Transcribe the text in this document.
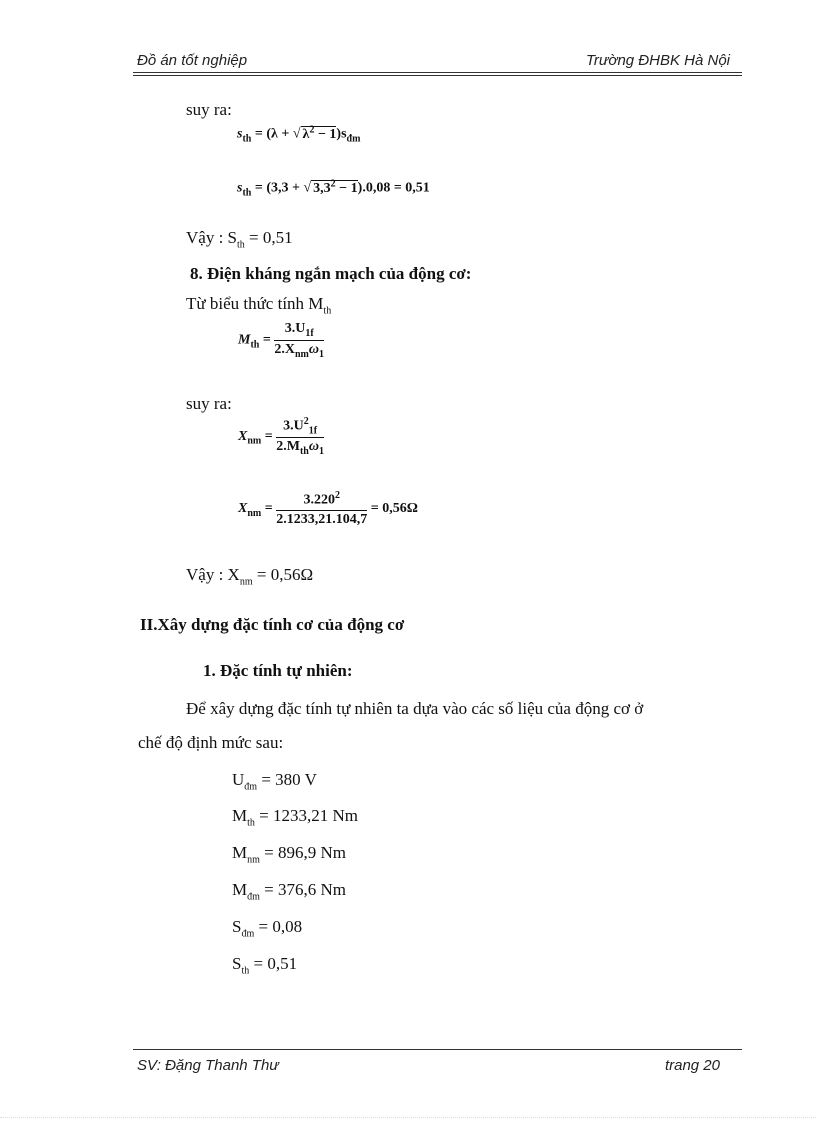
Đồ án tốt nghiệp	Trường ĐHBK Hà Nội
suy ra:
$s_{th} = (\lambda$ + √ $\lambda^2 - 1)s_{đm}$
$s_{th} = (3,3$ + √ $3,3^2 - 1).0,08 = 0,51$
Vậy : $S_{th} = 0,51$
8. Điện kháng ngắn mạch của động cơ:
Từ biểu thức tính $M_{th}$
$M_{th} = \frac{3.U_{1f}}{2.X_{nm}\omega_1}$
suy ra:
$X_{nm} = \frac{3.U^2_{1f}}{2.M_{th}\omega_1}$
$X_{nm} = \frac{3.220^2}{2.1233,21.104,7} = 0,56\Omega$
Vậy : $X_{nm} = 0,56\Omega$
II.Xây dựng đặc tính cơ của động cơ
1. Đặc tính tự nhiên:
Để xây dựng đặc tính tự nhiên ta dựa vào các số liệu của động cơ ở
chế độ định mức sau:
$U_{đm} = 380$ V
$M_{th} = 1233,21$ Nm
$M_{nm} = 896,9$ Nm
$M_{đm} = 376,6$ Nm
$S_{đm} = 0,08$
$S_{th} = 0,51$
SV: Đặng Thanh Thư	trang 20
